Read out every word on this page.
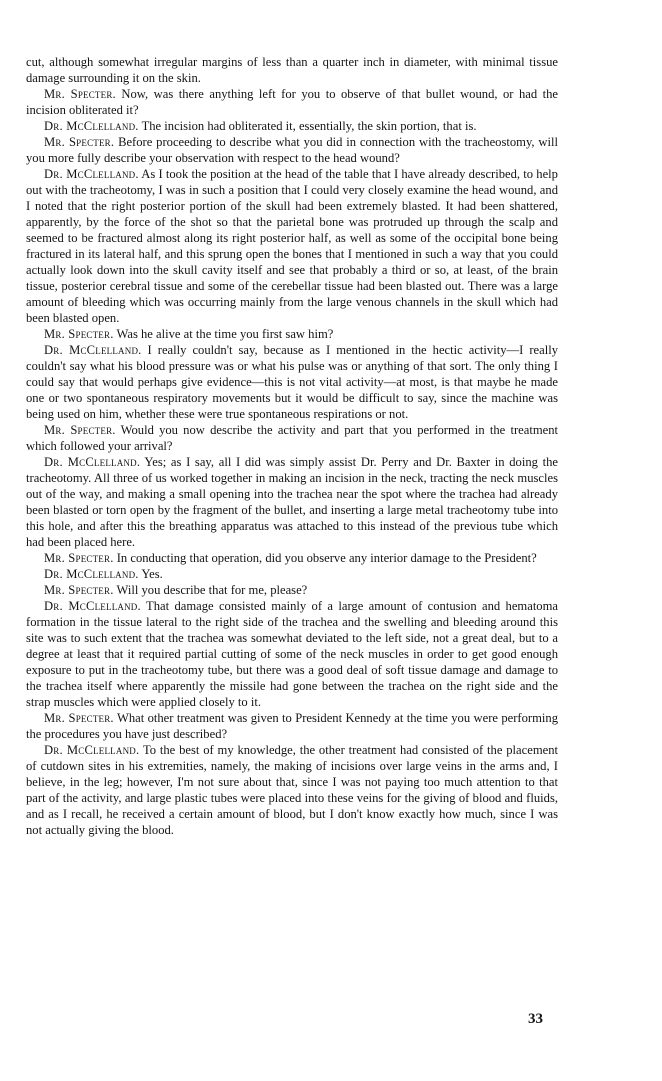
cut, although somewhat irregular margins of less than a quarter inch in diameter, with minimal tissue damage surrounding it on the skin.

Mr. Specter. Now, was there anything left for you to observe of that bullet wound, or had the incision obliterated it?

Dr. McClelland. The incision had obliterated it, essentially, the skin portion, that is.

Mr. Specter. Before proceeding to describe what you did in connection with the tracheostomy, will you more fully describe your observation with respect to the head wound?

Dr. McClelland. As I took the position at the head of the table that I have already described, to help out with the tracheotomy, I was in such a position that I could very closely examine the head wound, and I noted that the right posterior portion of the skull had been extremely blasted. It had been shattered, apparently, by the force of the shot so that the parietal bone was protruded up through the scalp and seemed to be fractured almost along its right posterior half, as well as some of the occipital bone being fractured in its lateral half, and this sprung open the bones that I mentioned in such a way that you could actually look down into the skull cavity itself and see that probably a third or so, at least, of the brain tissue, posterior cerebral tissue and some of the cerebellar tissue had been blasted out. There was a large amount of bleeding which was occurring mainly from the large venous channels in the skull which had been blasted open.

Mr. Specter. Was he alive at the time you first saw him?

Dr. McClelland. I really couldn't say, because as I mentioned in the hectic activity—I really couldn't say what his blood pressure was or what his pulse was or anything of that sort. The only thing I could say that would perhaps give evidence—this is not vital activity—at most, is that maybe he made one or two spontaneous respiratory movements but it would be difficult to say, since the machine was being used on him, whether these were true spontaneous respirations or not.

Mr. Specter. Would you now describe the activity and part that you performed in the treatment which followed your arrival?

Dr. McClelland. Yes; as I say, all I did was simply assist Dr. Perry and Dr. Baxter in doing the tracheotomy. All three of us worked together in making an incision in the neck, tracting the neck muscles out of the way, and making a small opening into the trachea near the spot where the trachea had already been blasted or torn open by the fragment of the bullet, and inserting a large metal tracheotomy tube into this hole, and after this the breathing apparatus was attached to this instead of the previous tube which had been placed here.

Mr. Specter. In conducting that operation, did you observe any interior damage to the President?

Dr. McClelland. Yes.

Mr. Specter. Will you describe that for me, please?

Dr. McClelland. That damage consisted mainly of a large amount of contusion and hematoma formation in the tissue lateral to the right side of the trachea and the swelling and bleeding around this site was to such extent that the trachea was somewhat deviated to the left side, not a great deal, but to a degree at least that it required partial cutting of some of the neck muscles in order to get good enough exposure to put in the tracheotomy tube, but there was a good deal of soft tissue damage and damage to the trachea itself where apparently the missile had gone between the trachea on the right side and the strap muscles which were applied closely to it.

Mr. Specter. What other treatment was given to President Kennedy at the time you were performing the procedures you have just described?

Dr. McClelland. To the best of my knowledge, the other treatment had consisted of the placement of cutdown sites in his extremities, namely, the making of incisions over large veins in the arms and, I believe, in the leg; however, I'm not sure about that, since I was not paying too much attention to that part of the activity, and large plastic tubes were placed into these veins for the giving of blood and fluids, and as I recall, he received a certain amount of blood, but I don't know exactly how much, since I was not actually giving the blood.

33
